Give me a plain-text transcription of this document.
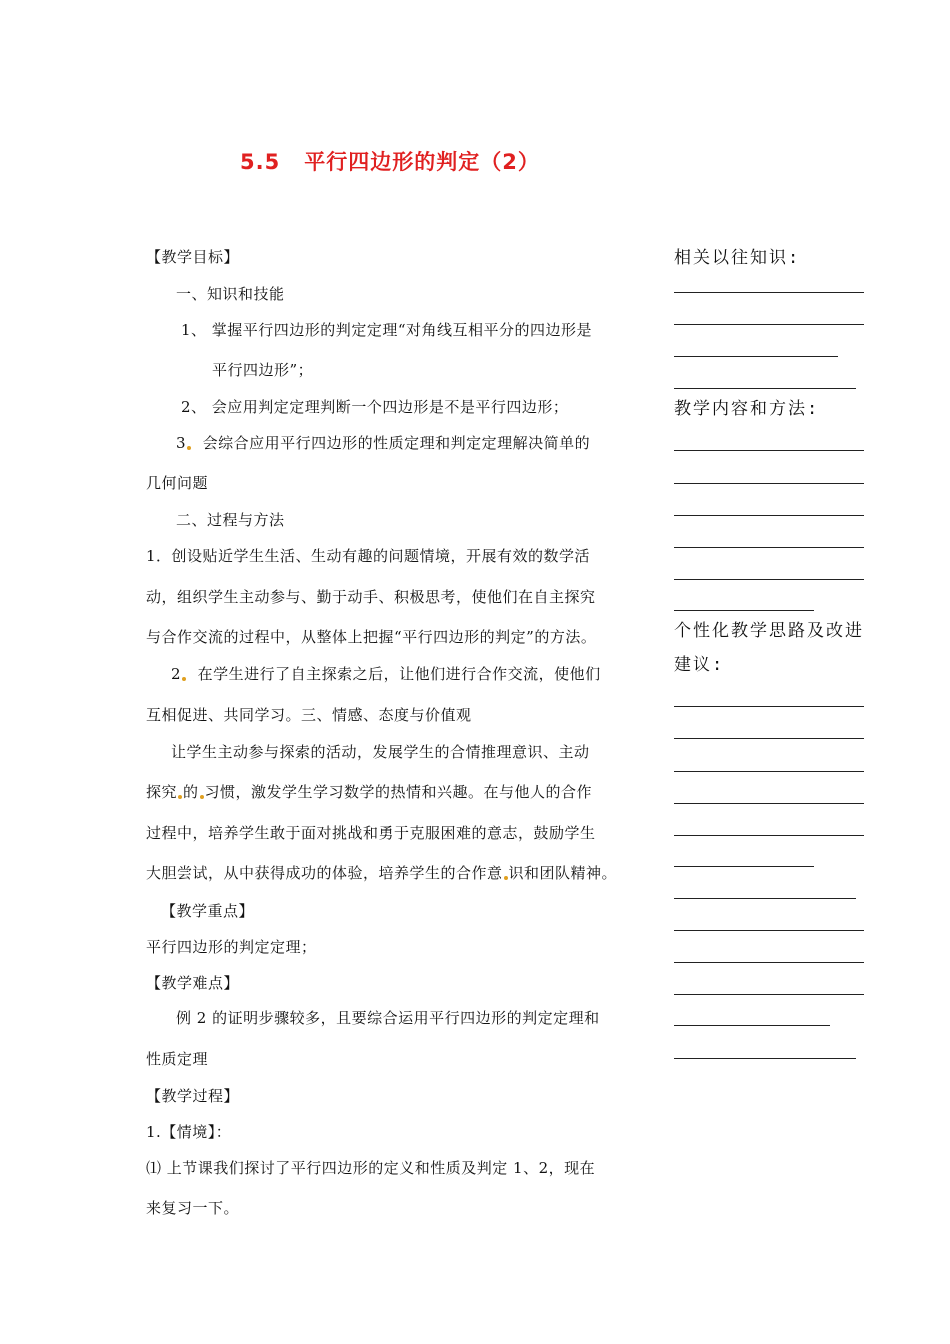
5.5 平行四边形的判定（2）
【教学目标】
一、知识和技能
1、 掌握平行四边形的判定定理“对角线互相平分的四边形是
平行四边形”；
2、 会应用判定定理判断一个四边形是不是平行四边形；
3 会综合应用平行四边形的性质定理和判定定理解决简单的
几何问题
二、过程与方法
1．创设贴近学生生活、生动有趣的问题情境，开展有效的数学活
动，组织学生主动参与、勤于动手、积极思考，使他们在自主探究
与合作交流的过程中，从整体上把握“平行四边形的判定”的方法。
2 在学生进行了自主探索之后，让他们进行合作交流，使他们
互相促进、共同学习。三、情感、态度与价值观
让学生主动参与探索的活动，发展学生的合情推理意识、主动
探究 的 习惯，激发学生学习数学的热情和兴趣。在与他人的合作
过程中，培养学生敢于面对挑战和勇于克服困难的意志，鼓励学生
大胆尝试，从中获得成功的体验，培养学生的合作意 识和团队精神。
【教学重点】
平行四边形的判定定理；
【教学难点】
例 2 的证明步骤较多，且要综合运用平行四边形的判定定理和
性质定理
【教学过程】
1.【情境】：
⑴ 上节课我们探讨了平行四边形的定义和性质及判定 1、2，现在
来复习一下。
相关以往知识:
教学内容和方法:
个性化教学思路及改进
建议:
